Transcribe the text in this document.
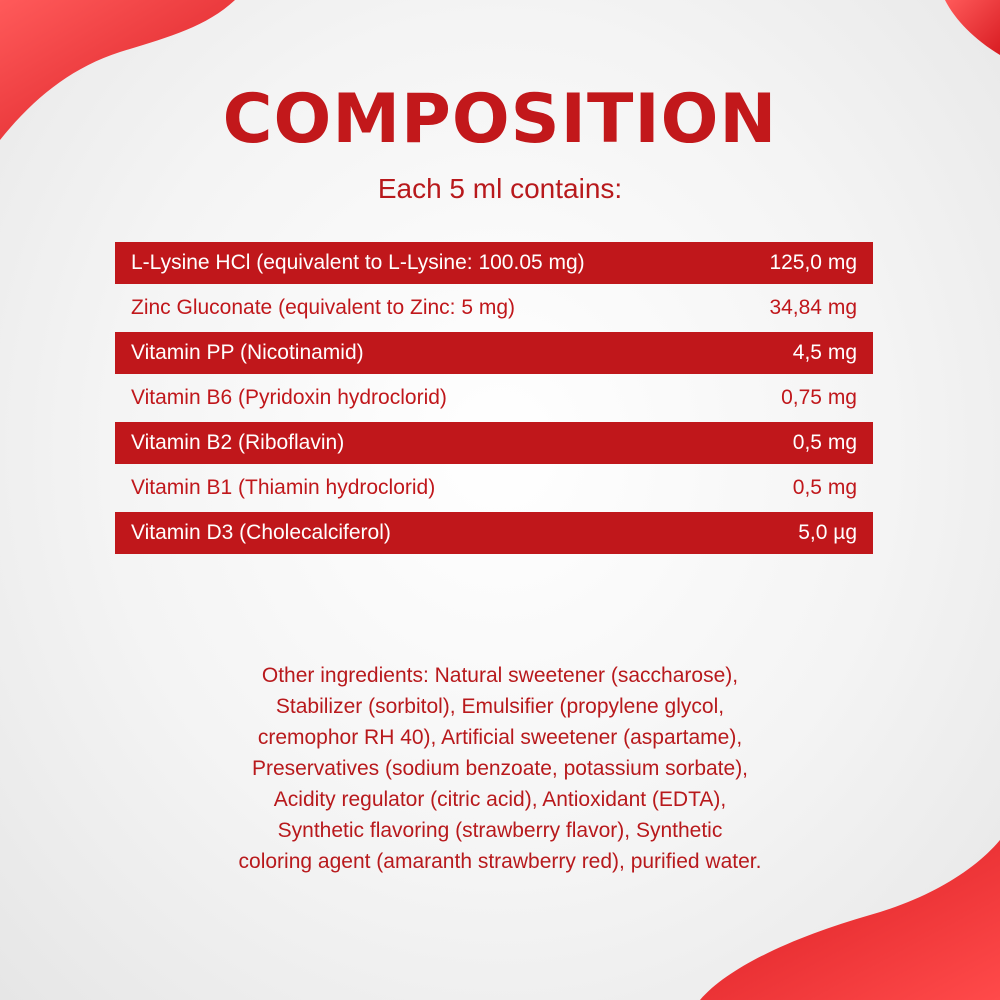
COMPOSITION
Each 5 ml contains:
L-Lysine HCl (equivalent to L-Lysine: 100.05 mg)	125,0 mg
Zinc Gluconate (equivalent to Zinc: 5 mg)	34,84 mg
Vitamin PP (Nicotinamid)	4,5 mg
Vitamin B6 (Pyridoxin hydroclorid)	0,75 mg
Vitamin B2 (Riboflavin)	0,5 mg
Vitamin B1 (Thiamin hydroclorid)	0,5 mg
Vitamin D3 (Cholecalciferol)	5,0 µg
Other ingredients: Natural sweetener (saccharose),
Stabilizer (sorbitol), Emulsifier (propylene glycol,
cremophor RH 40), Artificial sweetener (aspartame),
Preservatives (sodium benzoate, potassium sorbate),
Acidity regulator (citric acid), Antioxidant (EDTA),
Synthetic flavoring (strawberry flavor), Synthetic
coloring agent (amaranth strawberry red), purified water.
